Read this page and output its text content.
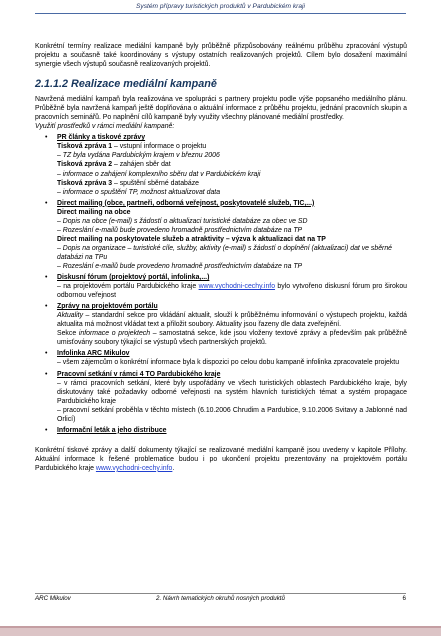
Systém přípravy turistických produktů v Pardubickém kraji

Konkrétní termíny realizace mediální kampaně byly průběžně přizpůsobovány reálnému průběhu zpracování výstupů projektu a současně také koordinovány s výstupy ostatních realizovaných projektů. Cílem bylo dosažení maximální synergie všech výstupů současně realizovaných projektů.

2.1.1.2 Realizace mediální kampaně

Navržená mediální kampaň byla realizována ve spolupráci s partnery projektu podle výše popsaného mediálního plánu. Průběžně byla navržená kampaň ještě doplňována o aktuální informace z průběhu projektu, jednání pracovních skupin a pracovních seminářů. Po naplnění cílů kampaně byly využity všechny plánované mediální prostředky.

Využití prostředků v rámci mediální kampaně:

• PR články a tiskové zprávy
Tisková zpráva 1 – vstupní informace o projektu
– TZ byla vydána Pardubickým krajem v březnu 2006
Tisková zpráva 2 – zahájen sběr dat
– informace o zahájení komplexního sběru dat v Pardubickém kraji
Tisková zpráva 3 – spuštění sběrné databáze
– informace o spuštění TP, možnost aktualizovat data
• Direct mailing (obce, partneři, odborná veřejnost, poskytovatelé služeb, TIC,...)
Direct mailing na obce
– Dopis na obce (e-mail) s žádostí o aktualizaci turistické databáze za obec ve SD
– Rozeslání e-mailů bude provedeno hromadně prostřednictvím databáze na TP
Direct mailing na poskytovatele služeb a atraktivity – výzva k aktualizaci dat na TP
– Dopis na organizace – turistické cíle, služby, aktivity (e-mail) s žádostí o doplnění (aktualizaci) dat ve sběrné databázi na TPu
– Rozeslání e-mailů bude provedeno hromadně prostřednictvím databáze na TP
• Diskusní fórum (projektový portál, infolinka,...)

– na projektovém portálu Pardubického kraje www.vychodni-cechy.info bylo vytvořeno diskusní fórum pro širokou odbornou veřejnost

• Zprávy na projektovém portálu

Aktuality – standardní sekce pro vkládání aktualit, slouží k průběžnému informování o výstupech projektu, každá aktualita má možnost vkládat text a přiložit soubory. Aktuality jsou řazeny dle data zveřejnění.

Sekce informace o projektech – samostatná sekce, kde jsou vloženy textové zprávy a především pak průběžně umisťovány soubory týkající se výstupů všech partnerských projektů.

• Infolinka ARC Mikulov

– všem zájemcům o konkrétní informace byla k dispozici po celou dobu kampaně infolinka zpracovatele projektu

• Pracovní setkání v rámci 4 TO Pardubického kraje

– v rámci pracovních setkání, které byly uspořádány ve všech turistických oblastech Pardubického kraje, byly diskutovány také požadavky odborné veřejnosti na systém hlavních turistických témat a systém propagace Pardubického kraje

– pracovní setkání proběhla v těchto místech (6.10.2006 Chrudim a Pardubice, 9.10.2006 Svitavy a Jablonné nad Orlicí)

• Informační leták a jeho distribuce

Konkrétní tiskové zprávy a další dokumenty týkající se realizované mediální kampaně jsou uvedeny v kapitole Přílohy. Aktuální informace k řešené problematice budou i po ukončení projektu prezentovány na projektovém portálu Pardubického kraje www.vychodni-cechy.info.

ARC Mikulov	2. Návrh tematických okruhů nosných produktů	6
